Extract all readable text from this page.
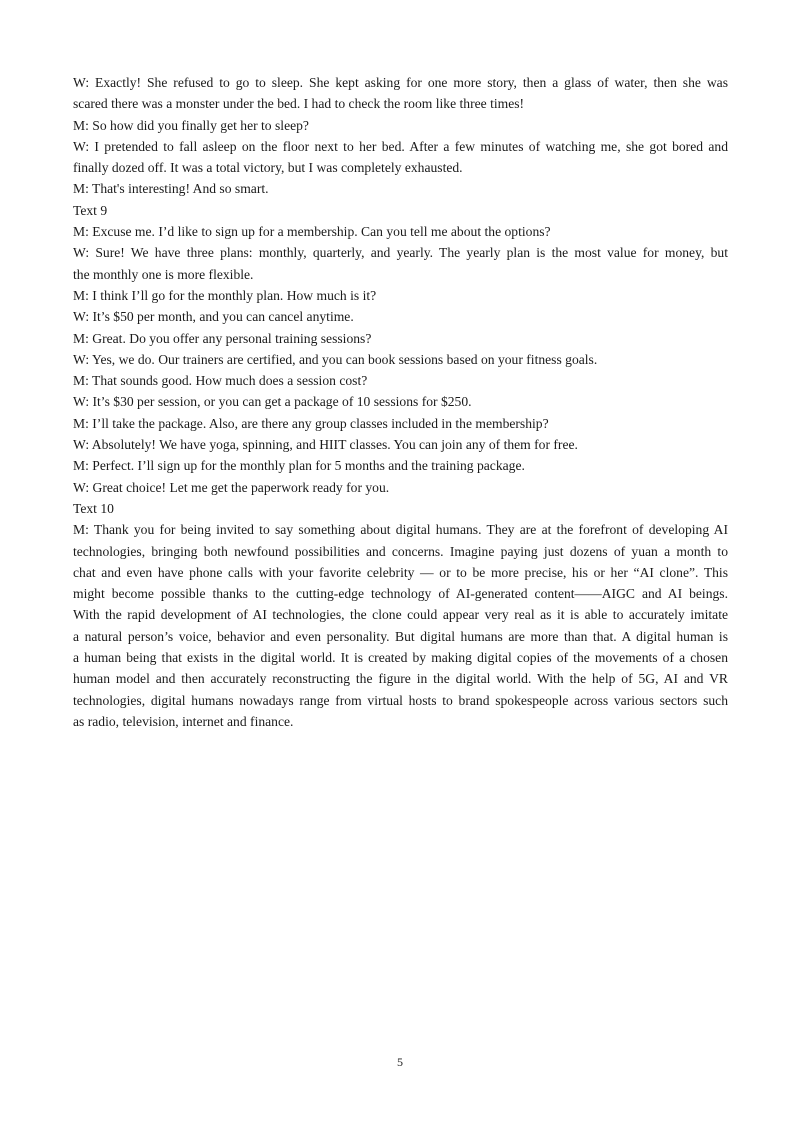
W: Exactly! She refused to go to sleep. She kept asking for one more story, then a glass of water, then she was
scared there was a monster under the bed. I had to check the room like three times!
M: So how did you finally get her to sleep?
W: I pretended to fall asleep on the floor next to her bed. After a few minutes of watching me, she got bored and
finally dozed off. It was a total victory, but I was completely exhausted.
M: That's interesting! And so smart.
Text 9
M: Excuse me. I’d like to sign up for a membership. Can you tell me about the options?
W: Sure! We have three plans: monthly, quarterly, and yearly. The yearly plan is the most value for money, but
the monthly one is more flexible.
M: I think I’ll go for the monthly plan. How much is it?
W: It’s $50 per month, and you can cancel anytime.
M: Great. Do you offer any personal training sessions?
W: Yes, we do. Our trainers are certified, and you can book sessions based on your fitness goals.
M: That sounds good. How much does a session cost?
W: It’s $30 per session, or you can get a package of 10 sessions for $250.
M: I’ll take the package. Also, are there any group classes included in the membership?
W: Absolutely! We have yoga, spinning, and HIIT classes. You can join any of them for free.
M: Perfect. I’ll sign up for the monthly plan for 5 months and the training package.
W: Great choice! Let me get the paperwork ready for you.
Text 10
M: Thank you for being invited to say something about digital humans. They are at the forefront of developing AI
technologies, bringing both newfound possibilities and concerns. Imagine paying just dozens of yuan a month to
chat and even have phone calls with your favorite celebrity — or to be more precise, his or her “AI clone”. This
might become possible thanks to the cutting-edge technology of AI-generated content——AIGC and AI beings.
With the rapid development of AI technologies, the clone could appear very real as it is able to accurately imitate
a natural person’s voice, behavior and even personality. But digital humans are more than that. A digital human is
a human being that exists in the digital world. It is created by making digital copies of the movements of a chosen
human model and then accurately reconstructing the figure in the digital world. With the help of 5G, AI and VR
technologies, digital humans nowadays range from virtual hosts to brand spokespeople across various sectors such
as radio, television, internet and finance.
5
